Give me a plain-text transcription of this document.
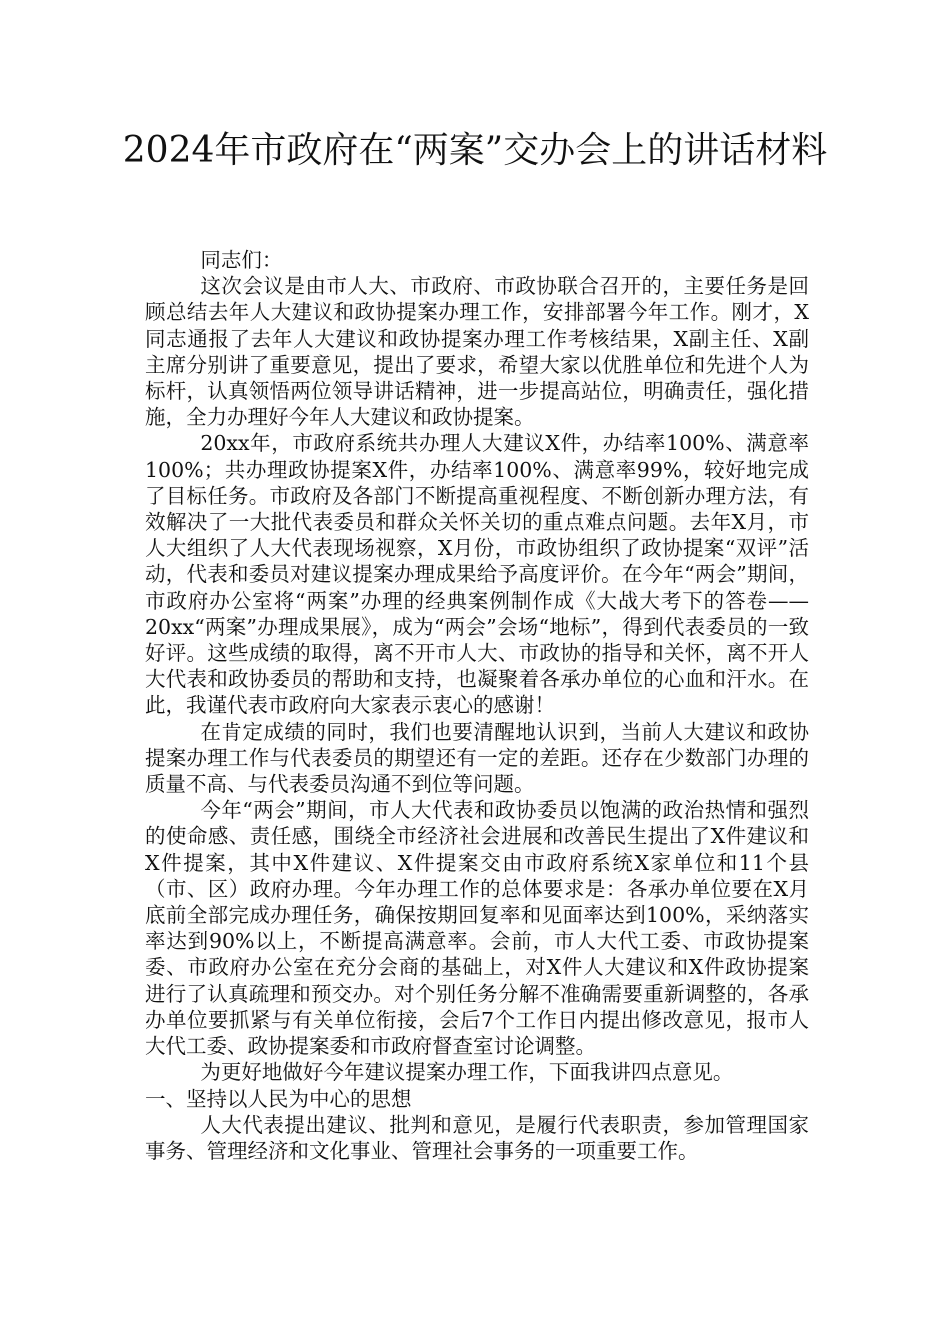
2024年市政府在“两案”交办会上的讲话材料

同志们：

这次会议是由市人大、市政府、市政协联合召开的，主要任务是回顾总结去年人大建议和政协提案办理工作，安排部署今年工作。刚才，X同志通报了去年人大建议和政协提案办理工作考核结果，X副主任、X副主席分别讲了重要意见，提出了要求，希望大家以优胜单位和先进个人为标杆，认真领悟两位领导讲话精神，进一步提高站位，明确责任，强化措施，全力办理好今年人大建议和政协提案。

20xx年，市政府系统共办理人大建议X件，办结率100%、满意率100%；共办理政协提案X件，办结率100%、满意率99%，较好地完成了目标任务。市政府及各部门不断提高重视程度、不断创新办理方法，有效解决了一大批代表委员和群众关怀关切的重点难点问题。去年X月，市人大组织了人大代表现场视察，X月份，市政协组织了政协提案“双评”活动，代表和委员对建议提案办理成果给予高度评价。在今年“两会”期间，市政府办公室将“两案”办理的经典案例制作成《大战大考下的答卷——20xx“两案”办理成果展》，成为“两会”会场“地标”，得到代表委员的一致好评。这些成绩的取得，离不开市人大、市政协的指导和关怀，离不开人大代表和政协委员的帮助和支持，也凝聚着各承办单位的心血和汗水。在此，我谨代表市政府向大家表示衷心的感谢！

在肯定成绩的同时，我们也要清醒地认识到，当前人大建议和政协提案办理工作与代表委员的期望还有一定的差距。还存在少数部门办理的质量不高、与代表委员沟通不到位等问题。

今年“两会”期间，市人大代表和政协委员以饱满的政治热情和强烈的使命感、责任感，围绕全市经济社会进展和改善民生提出了X件建议和X件提案，其中X件建议、X件提案交由市政府系统X家单位和11个县（市、区）政府办理。今年办理工作的总体要求是：各承办单位要在X月底前全部完成办理任务，确保按期回复率和见面率达到100%，采纳落实率达到90%以上，不断提高满意率。会前，市人大代工委、市政协提案委、市政府办公室在充分会商的基础上，对X件人大建议和X件政协提案进行了认真疏理和预交办。对个别任务分解不准确需要重新调整的，各承办单位要抓紧与有关单位衔接，会后7个工作日内提出修改意见，报市人大代工委、政协提案委和市政府督查室讨论调整。

为更好地做好今年建议提案办理工作，下面我讲四点意见。

一、坚持以人民为中心的思想

人大代表提出建议、批判和意见，是履行代表职责，参加管理国家事务、管理经济和文化事业、管理社会事务的一项重要工作。
